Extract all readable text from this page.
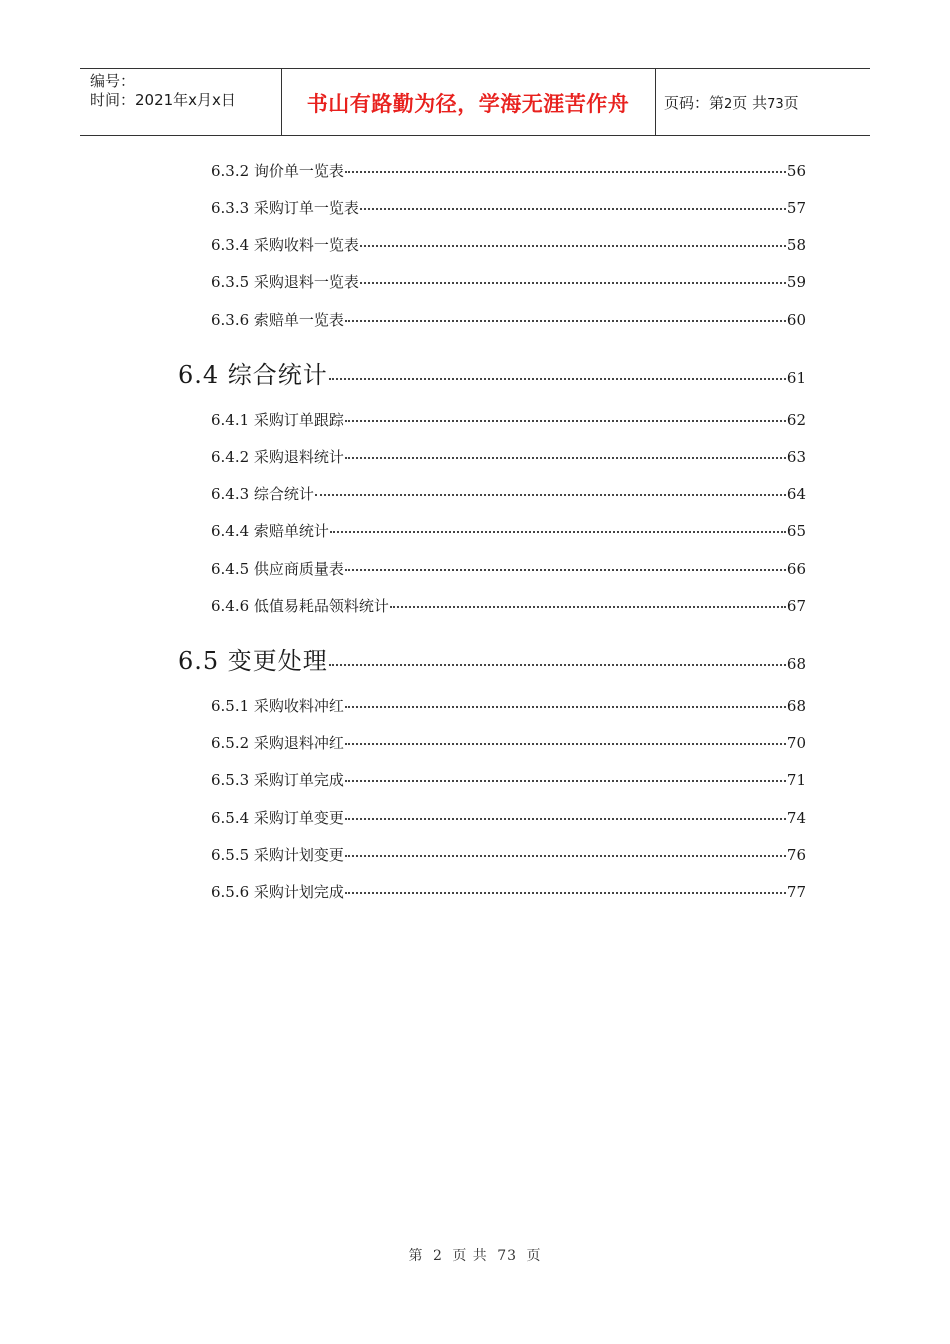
编号：
时间：2021年x月x日	书山有路勤为径，学海无涯苦作舟	页码：第2页 共73页
6.3.2 询价单一览表	56
6.3.3 采购订单一览表	57
6.3.4 采购收料一览表	58
6.3.5 采购退料一览表	59
6.3.6 索赔单一览表	60
6.4 综合统计	61
6.4.1 采购订单跟踪	62
6.4.2 采购退料统计	63
6.4.3 综合统计	64
6.4.4 索赔单统计	65
6.4.5 供应商质量表	66
6.4.6 低值易耗品领料统计	67
6.5 变更处理	68
6.5.1 采购收料冲红	68
6.5.2 采购退料冲红	70
6.5.3 采购订单完成	71
6.5.4 采购订单变更	74
6.5.5 采购计划变更	76
6.5.6 采购计划完成	77
第 2 页 共 73 页
